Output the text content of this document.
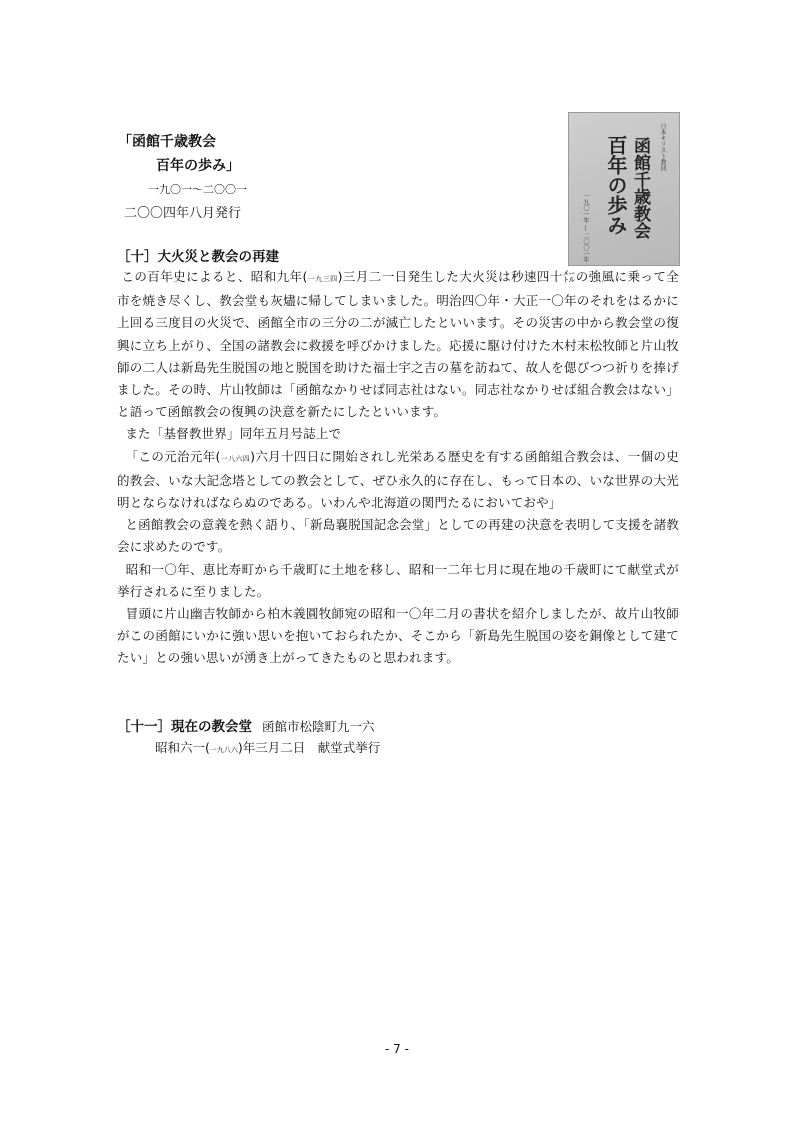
「函館千歳教会
百年の歩み」
一九〇一～二〇〇一
二〇〇四年八月発行
日本キリスト教団
函館千歳教会
百年の歩み
一九〇一年 — 二〇〇一年
［十］大火災と教会の再建

この百年史によると、昭和九年(一九三四)三月二一日発生した大火災は秒速四十㍍の強風に乗って全市を焼き尽くし、教会堂も灰燼に帰してしまいました。明治四〇年・大正一〇年のそれをはるかに上回る三度目の火災で、函館全市の三分の二が滅亡したといいます。その災害の中から教会堂の復興に立ち上がり、全国の諸教会に救援を呼びかけました。応援に駆け付けた木村末松牧師と片山牧師の二人は新島先生脱国の地と脱国を助けた福士宇之吉の墓を訪ねて、故人を偲びつつ祈りを捧げました。その時、片山牧師は「函館なかりせば同志社はない。同志社なかりせば組合教会はない」と語って函館教会の復興の決意を新たにしたといいます。

また「基督教世界」同年五月号誌上で

「この元治元年(一八六四)六月十四日に開始されし光栄ある歴史を有する函館組合教会は、一個の史的教会、いな大記念塔としての教会として、ぜひ永久的に存在し、もって日本の、いな世界の大光明とならなければならぬのである。いわんや北海道の関門たるにおいておや」

と函館教会の意義を熱く語り、「新島襄脱国記念会堂」としての再建の決意を表明して支援を諸教会に求めたのです。

昭和一〇年、恵比寿町から千歳町に土地を移し、昭和一二年七月に現在地の千歳町にて献堂式が挙行されるに至りました。

冒頭に片山幽吉牧師から柏木義圓牧師宛の昭和一〇年二月の書状を紹介しましたが、故片山牧師がこの函館にいかに強い思いを抱いておられたか、そこから「新島先生脱国の姿を銅像として建てたい」との強い思いが湧き上がってきたものと思われます。

［十一］現在の教会堂 函館市松陰町九一六
昭和六一(一九八六)年三月二日　献堂式挙行
- 7 -
